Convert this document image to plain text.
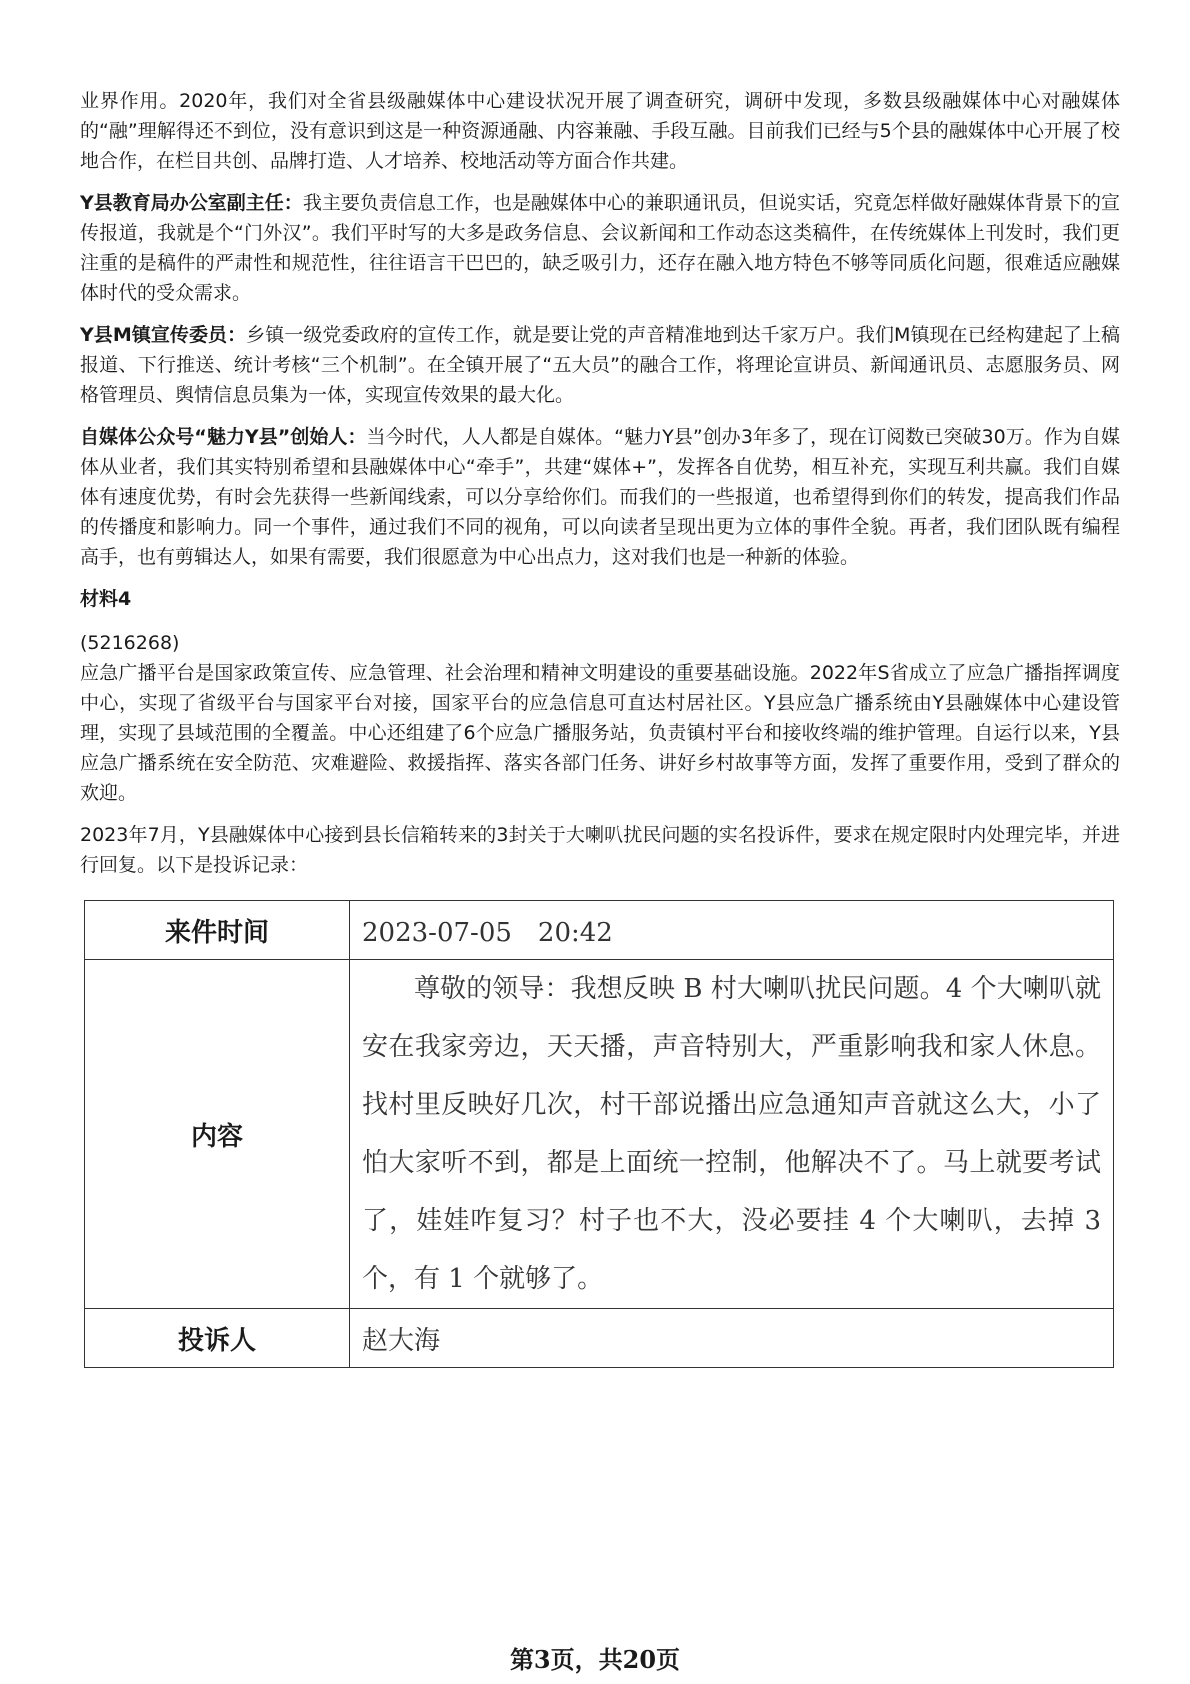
业界作用。2020年，我们对全省县级融媒体中心建设状况开展了调查研究，调研中发现，多数县级融媒体中心对融媒体的“融”理解得还不到位，没有意识到这是一种资源通融、内容兼融、手段互融。目前我们已经与5个县的融媒体中心开展了校地合作，在栏目共创、品牌打造、人才培养、校地活动等方面合作共建。

Y县教育局办公室副主任：我主要负责信息工作，也是融媒体中心的兼职通讯员，但说实话，究竟怎样做好融媒体背景下的宣传报道，我就是个“门外汉”。我们平时写的大多是政务信息、会议新闻和工作动态这类稿件，在传统媒体上刊发时，我们更注重的是稿件的严肃性和规范性，往往语言干巴巴的，缺乏吸引力，还存在融入地方特色不够等同质化问题，很难适应融媒体时代的受众需求。

Y县M镇宣传委员：乡镇一级党委政府的宣传工作，就是要让党的声音精准地到达千家万户。我们M镇现在已经构建起了上稿报道、下行推送、统计考核“三个机制”。在全镇开展了“五大员”的融合工作，将理论宣讲员、新闻通讯员、志愿服务员、网格管理员、舆情信息员集为一体，实现宣传效果的最大化。

自媒体公众号“魅力Y县”创始人：当今时代，人人都是自媒体。“魅力Y县”创办3年多了，现在订阅数已突破30万。作为自媒体从业者，我们其实特别希望和县融媒体中心“牵手”，共建“媒体+”，发挥各自优势，相互补充，实现互利共赢。我们自媒体有速度优势，有时会先获得一些新闻线索，可以分享给你们。而我们的一些报道，也希望得到你们的转发，提高我们作品的传播度和影响力。同一个事件，通过我们不同的视角，可以向读者呈现出更为立体的事件全貌。再者，我们团队既有编程高手，也有剪辑达人，如果有需要，我们很愿意为中心出点力，这对我们也是一种新的体验。

材料4

(5216268)

应急广播平台是国家政策宣传、应急管理、社会治理和精神文明建设的重要基础设施。2022年S省成立了应急广播指挥调度中心，实现了省级平台与国家平台对接，国家平台的应急信息可直达村居社区。Y县应急广播系统由Y县融媒体中心建设管理，实现了县域范围的全覆盖。中心还组建了6个应急广播服务站，负责镇村平台和接收终端的维护管理。自运行以来，Y县应急广播系统在安全防范、灾难避险、救援指挥、落实各部门任务、讲好乡村故事等方面，发挥了重要作用，受到了群众的欢迎。

2023年7月，Y县融媒体中心接到县长信箱转来的3封关于大喇叭扰民问题的实名投诉件，要求在规定限时内处理完毕，并进行回复。以下是投诉记录：

来件时间	2023-07-05　20:42
内容	尊敬的领导：我想反映 B 村大喇叭扰民问题。4 个大喇叭就安在我家旁边，天天播，声音特别大，严重影响我和家人休息。找村里反映好几次，村干部说播出应急通知声音就这么大，小了怕大家听不到，都是上面统一控制，他解决不了。马上就要考试了，娃娃咋复习？村子也不大，没必要挂 4 个大喇叭，去掉 3 个，有 1 个就够了。
投诉人	赵大海
第3页，共20页
